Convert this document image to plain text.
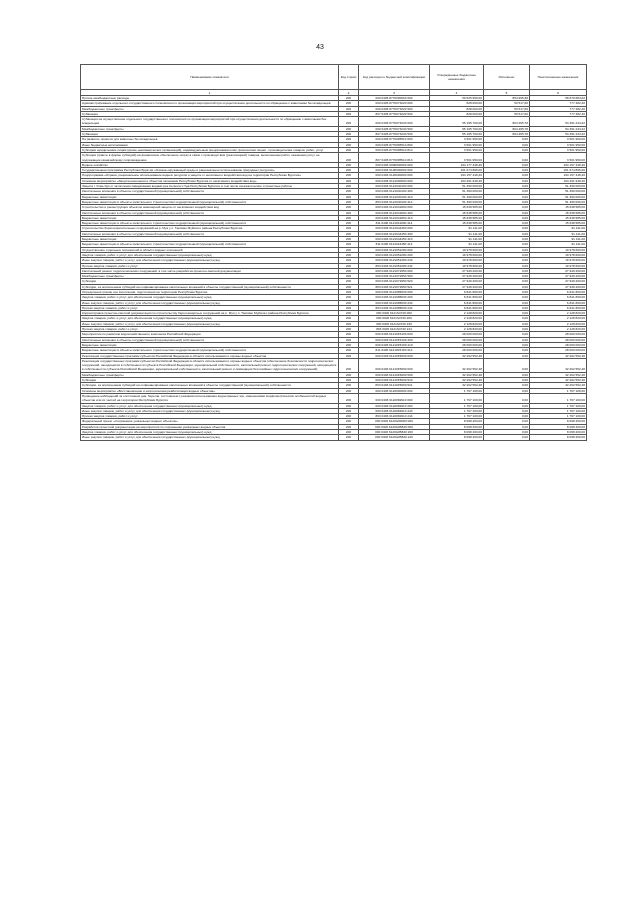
43
Наименование показателя	Код строки	Код расхода по бюджетной классификации	Утвержденные бюджетные назначения	Исполнено	Неисполненные назначения
1	2	3	4	5	6
Прочие межбюджетные расходы	200	000 0405 8770000000 000	59 525 650,00	854 965,38	58 670 684,62
Администрирование отдельного государственного полномочия по организации мероприятий при осуществлении деятельности по обращению с животными без владельцев	200	000 0405 8770073220 000	828 000,00	50 517,60	777 482,40
Межбюджетные трансферты	200	000 0405 8770073220 500	828 000,00	50 517,60	777 482,40
Субвенции	200	807 0405 8770073220 530	828 000,00	50 517,60	777 482,40
Субвенция на осуществление отдельного государственного полномочия по организации мероприятий при осуществлении деятельности по обращению с животными без владельцев	200	000 0405 8770073230 000	55 195 700,00	804 465,78	54 391 234,22
Межбюджетные трансферты	200	000 0405 8770073230 500	55 195 700,00	804 465,78	54 391 234,22
Субвенции	200	807 0405 8770073230 530	55 195 700,00	804 465,78	54 391 234,22
На развитие приютов для животных без владельцев	200	000 0405 8770085510 000	3 501 950,00	0,00	3 501 950,00
Иные бюджетные ассигнования	200	000 0405 8770085510 800	3 501 950,00	0,00	3 501 950,00
Субсидии юридическим лицам (кроме некоммерческих организаций), индивидуальным предпринимателям, физическим лицам - производителям товаров, работ, услуг	200	000 0405 8770085510 810	3 501 950,00	0,00	3 501 950,00
Субсидии (гранты в форме субсидий) на финансовое обеспечение затрат в связи с производством (реализацией) товаров, выполнением работ, оказанием услуг, не подлежащие казначейскому сопровождению	200	807 0405 8770085510 813	3 501 950,00	0,00	3 501 950,00
Водное хозяйство	200	000 0406 0000000000 000	194 177 448,46	0,00	194 157 448,46
Государственная программа Республики Бурятия «Охрана окружающей среды и рациональное использование природных ресурсов»	200	000 0406 6100000000 000	161 674 896,00	0,00	161 674 896,00
Подпрограмма «Охрана, рациональное использование водных ресурсов и защита от негативного воздействия вод на территории Республики Бурятия»	200	000 0406 6120000000 000	194 157 448,46	0,00	194 157 448,46
Основное мероприятие «Защита населения и объектов экономики Республики Бурятия от негативного воздействия вод»	200	000 0406 6121000000 000	164 291 948,46	0,00	164 291 948,46
Защита г. Улан-Удэ от затопления паводковыми водами рек Селенга и Уда Республики Бурятия, в том числе изыскательские и проектные работы	200	000 0406 6121040100 000	51 390 000,00	0,00	51 390 000,00
Капитальные вложения в объекты государственной (муниципальной) собственности	200	000 0406 6121040100 400	51 390 000,00	0,00	51 390 000,00
Бюджетные инвестиции	200	000 0406 6121040100 410	51 390 000,00	0,00	51 390 000,00
Бюджетные инвестиции в объекты капитального строительства государственной (муниципальной) собственности	200	803 0406 6121040100 414	51 390 000,00	0,00	51 390 000,00
Строительство и реконструкция объектов инженерной защиты от негативного воздействия вод	200	000 0406 6121041800 000	15 638 585,00	0,00	15 638 585,00
Капитальные вложения в объекты государственной (муниципальной) собственности	200	000 0406 6121041800 400	15 638 585,00	0,00	15 638 585,00
Бюджетные инвестиции	200	000 0406 6121041800 410	15 638 585,00	0,00	15 638 585,00
Бюджетные инвестиции в объекты капитального строительства государственной (муниципальной) собственности	200	811 0406 6121041800 414	15 638 585,00	0,00	15 638 585,00
Строительство берегоукрепительных сооружений на р. Муя у п. Таксимо Муйского района Республики Бурятия	200	000 0406 6121044450 000	91 411,00	0,00	91 411,00
Капитальные вложения в объекты государственной (муниципальной) собственности	200	000 0406 6121044450 400	91 411,00	0,00	91 411,00
Бюджетные инвестиции	200	000 0406 6121044450 410	91 411,00	0,00	91 411,00
Бюджетные инвестиции в объекты капитального строительства государственной (муниципальной) собственности	200	811 0406 6121044450 414	91 411,00	0,00	91 411,00
Осуществление отдельных полномочий в области водных отношений	200	000 0406 6121051280 000	19 978 600,00	0,00	19 978 600,00
Закупка товаров, работ и услуг для обеспечения государственных (муниципальных) нужд	200	000 0406 6121051280 200	19 978 600,00	0,00	19 978 600,00
Иные закупки товаров, работ и услуг для обеспечения государственных (муниципальных) нужд	200	000 0406 6121051280 240	19 978 600,00	0,00	19 978 600,00
Прочая закупка товаров, работ и услуг	200	803 0406 6121051280 244	19 978 600,00	0,00	19 978 600,00
Капитальный ремонт гидротехнических сооружений, в том числе разработка проектно-сметной документации	200	000 0406 6121072950 000	27 949 200,00	0,00	27 949 200,00
Межбюджетные трансферты	200	000 0406 6121072950 500	27 949 200,00	0,00	27 949 200,00
Субсидии	200	000 0406 6121072950 520	27 949 200,00	0,00	27 949 200,00
Субсидии, за исключением субсидий на софинансирование капитальных вложений в объекты государственной (муниципальной) собственности	200	803 0406 6121072950 521	27 949 200,00	0,00	27 949 200,00
Определение границ зон затопления, подтопления на территории Республики Бурятия	200	000 0406 6121085030 000	6 841 800,00	0,00	6 841 800,00
Закупка товаров, работ и услуг для обеспечения государственных (муниципальных) нужд	200	000 0406 6121085030 200	6 841 800,00	0,00	6 841 800,00
Иные закупки товаров, работ и услуг для обеспечения государственных (муниципальных) нужд	200	000 0406 6121085030 240	6 841 800,00	0,00	6 841 800,00
Прочая закупка товаров, работ и услуг	200	803 0406 6121085030 244	6 841 800,00	0,00	6 841 800,00
Корректировка проектно-сметной документации по строительству берегозащитных сооружений на р. Муя у п. Таксимо Муйского района Республики Бурятия	200	000 0406 6121S4720 000	2 128 820,00	0,00	2 128 820,00
Закупка товаров, работ и услуг для обеспечения государственных (муниципальных) нужд	200	000 0406 6121S4720 200	2 128 820,00	0,00	2 128 820,00
Иные закупки товаров, работ и услуг для обеспечения государственных (муниципальных) нужд	200	000 0406 6121S4720 240	2 128 820,00	0,00	2 128 820,00
Прочая закупка товаров, работ и услуг	200	803 0406 6121S4720 244	2 128 820,00	0,00	2 128 820,00
Мероприятия по развитию водохозяйственного комплекса Российской Федерации	200	000 0406 61210F5160 000	28 000 000,00	0,00	28 000 000,00
Капитальные вложения в объекты государственной (муниципальной) собственности	200	000 0406 61210F5160 400	28 000 000,00	0,00	28 000 000,00
Бюджетные инвестиции	200	000 0406 61210F5160 410	28 000 000,00	0,00	28 000 000,00
Бюджетные инвестиции в объекты капитального строительства государственной (муниципальной) собственности	200	811 0406 61210F5160 414	28 000 000,00	0,00	28 000 000,00
Реализация государственных программ субъектов Российской Федерации в области использования и охраны водных объектов	200	000 0406 61210F5060 000	32 262 552,48	0,00	32 262 552,48
Реализация государственных программ субъектов Российской Федерации в области использования и охраны водных объектов (обеспечение безопасности гидротехнических сооружений, находящихся в собственности субъекта Российской Федерации, муниципальной собственности, капитальный ремонт гидротехнических сооружений, находящихся в собственности субъекта Российской Федерации, муниципальной собственности, капитальный ремонт и ликвидация бесхозяйных гидротехнических сооружений)	200	000 0406 61210F5060 000	32 262 552,48	0,00	32 262 552,48
Межбюджетные трансферты	200	000 0406 61210F5060 500	32 262 552,48	0,00	32 262 552,48
Субсидии	200	000 0406 61210F5060 520	32 262 552,48	0,00	32 262 552,48
Субсидии, за исключением субсидий на софинансирование капитальных вложений в объекты государственной (муниципальной) собственности	200	803 0406 61210F5060 521	32 262 552,48	0,00	32 262 552,48
Основное мероприятие «Восстановление и экологическая реабилитация водных объектов»	200	000 0406 6122000000 000	1 767 100,00	0,00	1 767 100,00
Проведение наблюдений за состоянием дна, берегов, состоянием и режимом использования водоохранных зон, изменениями морфометрических особенностей водных объектов или их частей на территории Республики Бурятия	200	000 0406 6122082910 000	1 767 100,00	0,00	1 767 100,00
Закупка товаров, работ и услуг для обеспечения государственных (муниципальных) нужд	200	000 0406 6122082910 200	1 767 100,00	0,00	1 767 100,00
Иные закупки товаров, работ и услуг для обеспечения государственных (муниципальных) нужд	200	000 0406 6122082910 240	1 767 100,00	0,00	1 767 100,00
Прочая закупка товаров, работ и услуг	200	803 0406 6122082910 244	1 767 100,00	0,00	1 767 100,00
Федеральный проект «Сохранение уникальных водных объектов»	200	000 0406 6120G80000 000	8 098 400,00	0,00	8 098 400,00
Разработка проектной документации на мероприятия по сохранению уникальных водных объектов	200	000 0406 6120G85840 000	8 098 400,00	0,00	8 098 400,00
Закупка товаров, работ и услуг для обеспечения государственных (муниципальных) нужд	200	000 0406 6120G85840 200	8 098 400,00	0,00	8 098 400,00
Иные закупки товаров, работ и услуг для обеспечения государственных (муниципальных) нужд	200	000 0406 6120G85840 240	8 098 400,00	0,00	8 098 400,00
